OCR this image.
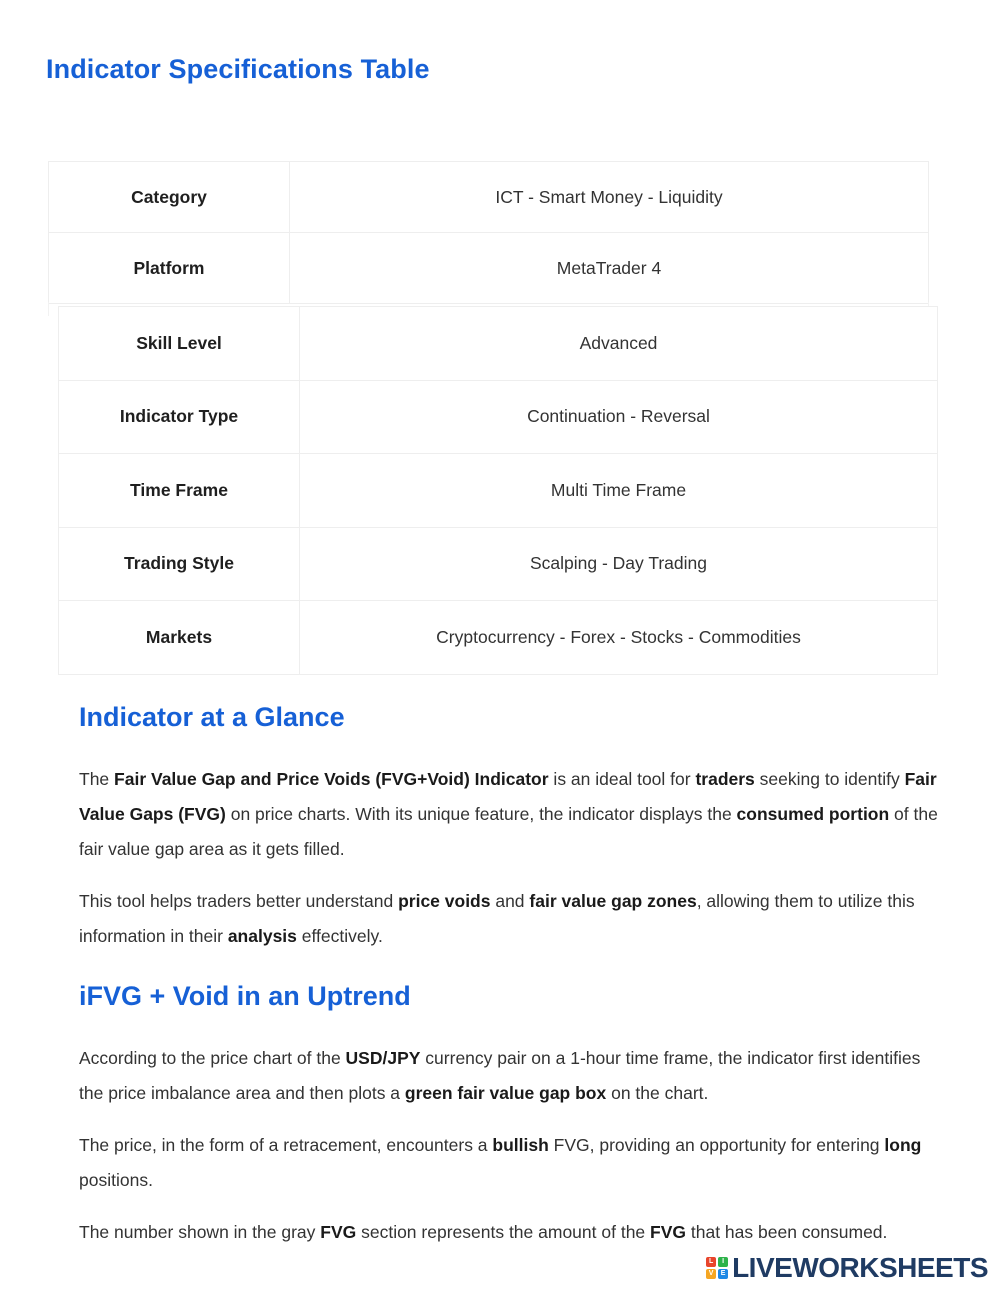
Indicator Specifications Table
Category	ICT - Smart Money - Liquidity
Platform	MetaTrader 4
Skill Level	Advanced
Indicator Type	Continuation - Reversal
Time Frame	Multi Time Frame
Trading Style	Scalping - Day Trading
Markets	Cryptocurrency - Forex - Stocks - Commodities
Indicator at a Glance

The Fair Value Gap and Price Voids (FVG+Void) Indicator is an ideal tool for traders seeking to identify Fair Value Gaps (FVG) on price charts. With its unique feature, the indicator displays the consumed portion of the fair value gap area as it gets filled.

This tool helps traders better understand price voids and fair value gap zones, allowing them to utilize this information in their analysis effectively.

iFVG + Void in an Uptrend

According to the price chart of the USD/JPY currency pair on a 1-hour time frame, the indicator first identifies the price imbalance area and then plots a green fair value gap box on the chart.

The price, in the form of a retracement, encounters a bullish FVG, providing an opportunity for entering long positions.

The number shown in the gray FVG section represents the amount of the FVG that has been consumed.

L	I
V	E LIVEWORKSHEETS
